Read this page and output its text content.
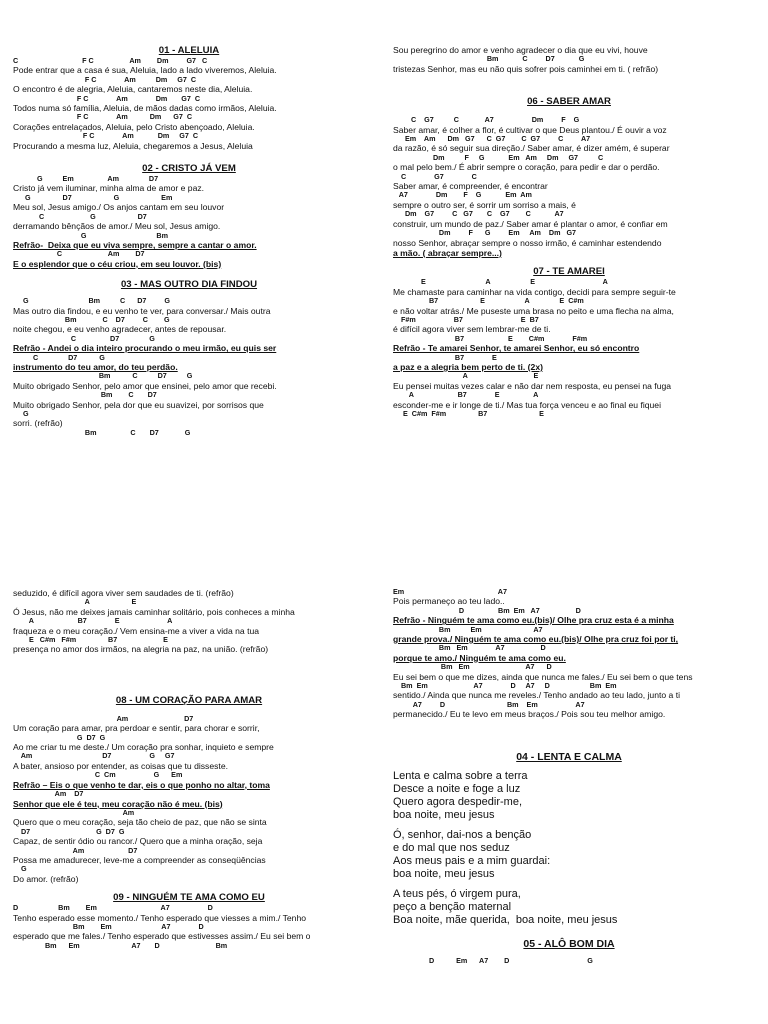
01 - ALELUIA
C                                F C                  Am        Dm         G7   C
Pode entrar que a casa é sua, Aleluia, lado a lado viveremos, Aleluia.
F C              Am          Dm     G7  C
O encontro é de alegria, Aleluia, cantaremos neste dia, Aleluia.
F C              Am              Dm       G7  C
Todos numa só família, Aleluia, de mãos dadas como irmãos, Aleluia.
F C              Am           Dm      G7  C
Corações entrelaçados, Aleluia, pelo Cristo abençoado, Aleluia.
F C              Am            Dm     G7  C
Procurando a mesma luz, Aleluia, chegaremos a Jesus, Aleluia
02 - CRISTO JÁ VEM
G          Em                 Am               D7
Cristo já vem iluminar, minha alma de amor e paz.
G                D7                     G                     Em
Meu sol, Jesus amigo./ Os anjos cantam em seu louvor
C                       G                     D7
derramando bênçãos de amor./ Meu sol, Jesus amigo.
G                                   Bm
Refrão-  Deixa que eu viva sempre, sempre a cantar o amor.
C                       Am        D7
E o esplendor que o céu criou, em seu louvor. (bis)
03 - MAS OUTRO DIA FINDOU
G                              Bm          C      D7         G
Mas outro dia findou, e eu venho te ver, para conversar./ Mais outra
Bm             C    D7         C        G
noite chegou, e eu venho agradecer, antes de repousar.
C                 D7               G
Refrão - Andei o dia inteiro procurando o meu irmão, eu quis ser
C               D7           G
instrumento do teu amor, do teu perdão.
Bm           C          D7          G
Muito obrigado Senhor, pelo amor que ensinei, pelo amor que recebi.
Bm        C       D7
Muito obrigado Senhor, pela dor que eu suavizei, por sorrisos que
G
sorri. (refrão)
Bm                 C       D7             G
Sou peregrino do amor e venho agradecer o dia que eu vivi, houve
Bm            C         D7            G
tristezas Senhor, mas eu não quis sofrer pois caminhei em ti. ( refrão)
06 - SABER AMAR
C    G7          C             A7                   Dm         F    G
Saber amar, é colher a flor, é cultivar o que Deus plantou./ É ouvir a voz
Em    Am      Dm   G7      C  G7        C  G7         C         A7
da razão, é só seguir sua direção./ Saber amar, é dizer amém, é superar
Dm          F     G            Em   Am     Dm     G7          C
o mal pelo bem./ É abrir sempre o coração, para pedir e dar o perdão.
C              G7              C
Saber amar, é compreender, é encontrar
A7              Dm        F    G            Em  Am
sempre o outro ser, é sorrir um sorriso a mais, é
Dm    G7         C   G7       C    G7        C            A7
construir, um mundo de paz./ Saber amar é plantar o amor, é confiar em
Dm         F      G         Em     Am    Dm   G7
nosso Senhor, abraçar sempre o nosso irmão, é caminhar estendendo
a mão. ( abraçar sempre...)
07 - TE AMAREI
E                              A                    E                                  A
Me chamaste para caminhar na vida contigo, decidi para sempre seguir-te
B7                     E                    A               E  C#m
e não voltar atrás./ Me puseste uma brasa no peito e uma flecha na alma,
F#m                   B7                             E  B7
é difícil agora viver sem lembrar-me de ti.
B7                      E        C#m              F#m
Refrão - Te amarei Senhor, te amarei Senhor, eu só encontro
B7              E
a paz e a alegria bem perto de ti. (2x)
A                                 E
Eu pensei muitas vezes calar e não dar nem resposta, eu pensei na fuga
A                      B7              E                 A
esconder-me e ir longe de ti./ Mas tua força venceu e ao final eu fiquei
E  C#m  F#m                B7                          E
seduzido, é difícil agora viver sem saudades de ti. (refrão)
A                     E
Ó Jesus, não me deixes jamais caminhar solitário, pois conheces a minha
A                      B7              E                        A
fraqueza e o meu coração./ Vem ensina-me a viver a vida na tua
E   C#m   F#m                B7                       E
presença no amor dos irmãos, na alegria na paz, na união. (refrão)
08 - UM CORAÇÃO PARA AMAR
Am                            D7
Um coração para amar, pra perdoar e sentir, para chorar e sorrir,
G  D7  G
Ao me criar tu me deste./ Um coração pra sonhar, inquieto e sempre
Am                                   D7                   G     G7
A bater, ansioso por entender, as coisas que tu disseste.
C  Cm                   G      Em
Refrão – Eis o que venho te dar, eis o que ponho no altar, toma
Am    D7
Senhor que ele é teu, meu coração não é meu. (bis)
Am
Quero que o meu coração, seja tão cheio de paz, que não se sinta
D7                                 G  D7  G
Capaz, de sentir ódio ou rancor./ Quero que a minha oração, seja
Am                      D7
Possa me amadurecer, leve-me a compreender as conseqüências
G
Do amor. (refrão)
09 - NINGUÉM TE AMA COMO EU
D                    Bm        Em                                A7                   D
Tenho esperado esse momento./ Tenho esperado que viesses a mim./ Tenho
Bm        Em                         A7              D
esperado que me fales./ Tenho esperado que estivesses assim./ Eu sei bem o
Bm      Em                          A7       D                            Bm
Em                                               A7
Pois permaneço ao teu lado..
D                 Bm  Em   A7                  D
Refrão - Ninguém te ama como eu.(bis)/ Olhe pra cruz esta é a minha
Bm          Em                          A7
grande prova./ Ninguém te ama como eu.(bis)/ Olhe pra cruz foi por ti,
Bm   Em              A7                  D
porque te amo./ Ninguém te ama como eu.
Bm   Em                            A7      D
Eu sei bem o que me dizes, ainda que nunca me fales./ Eu sei bem o que tens
Bm  Em                       A7              D     A7     D                    Bm  Em
sentido./ Ainda que nunca me reveles./ Tenho andado ao teu lado, junto a ti
A7         D                               Bm    Em                   A7
permanecido./ Eu te levo em meus braços./ Pois sou teu melhor amigo.
04 - LENTA E CALMA
Lenta e calma sobre a terra
Desce a noite e foge a luz
Quero agora despedir-me,
boa noite, meu jesus
Ó, senhor, dai-nos a benção
e do mal que nos seduz
Aos meus pais e a mim guardai:
boa noite, meu jesus
A teus pés, ó virgem pura,
peço a benção maternal
Boa noite, mãe querida,  boa noite, meu jesus
05 - ALÔ BOM DIA
D           Em      A7        D                                       G
